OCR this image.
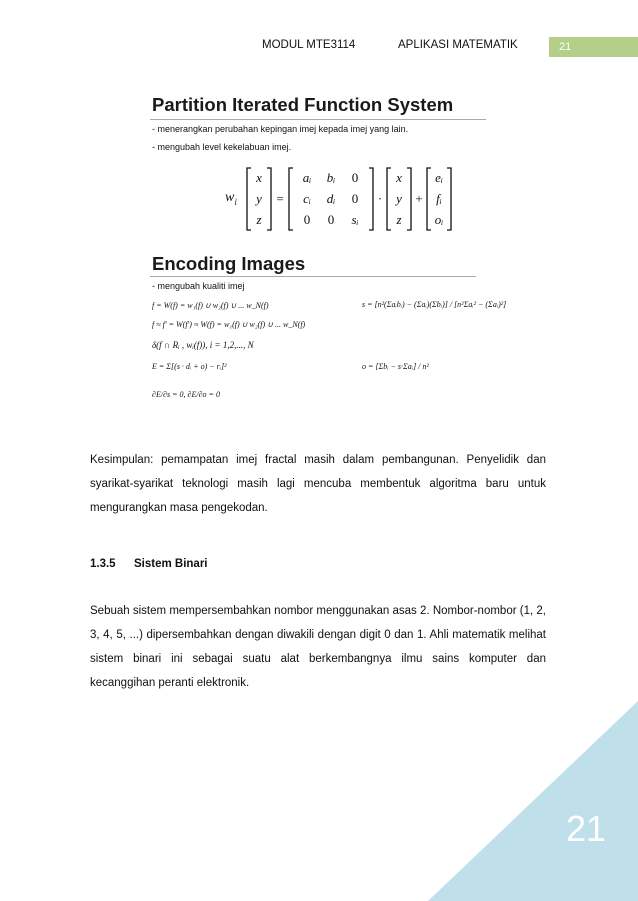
MODUL MTE3114	APLIKASI MATEMATIK	21
Partition Iterated Function System
- menerangkan perubahan kepingan imej kepada imej yang lain.
- mengubah level kekelabuan imej.
$w_i$
x
y
z
=
aᵢ bᵢ 0
cᵢ dᵢ 0
0 0 sᵢ
·
x
y
z
+
eᵢ
fᵢ
oᵢ
Encoding Images
- mengubah kualiti imej
f = W(f) = w₁(f) ∪ w₂(f) ∪ ... w_N(f)
f ≈ f′ = W(f′) ≈ W(f) = w₁(f) ∪ w₂(f) ∪ ... w_N(f)
δ(f ∩ Rᵢ , wᵢ(f)), i = 1,2,..., N
E = Σ[(s · dᵢ + o) − rᵢ]²
∂E/∂s = 0, ∂E/∂o = 0
s = [n²(Σaᵢbᵢ) − (Σaᵢ)(Σbᵢ)] / [n²Σaᵢ² − (Σaᵢ)²]
o = [Σbᵢ − s·Σaᵢ] / n²
Kesimpulan: pemampatan imej fractal masih dalam pembangunan. Penyelidik dan syarikat-syarikat teknologi masih lagi mencuba membentuk algoritma baru untuk mengurangkan masa pengekodan.
1.3.5 Sistem Binari
Sebuah sistem mempersembahkan nombor menggunakan asas 2. Nombor-nombor (1, 2, 3, 4, 5, ...) dipersembahkan dengan diwakili dengan digit 0 dan 1. Ahli matematik melihat sistem binari ini sebagai suatu alat berkembangnya ilmu sains komputer dan kecanggihan peranti elektronik.
21
